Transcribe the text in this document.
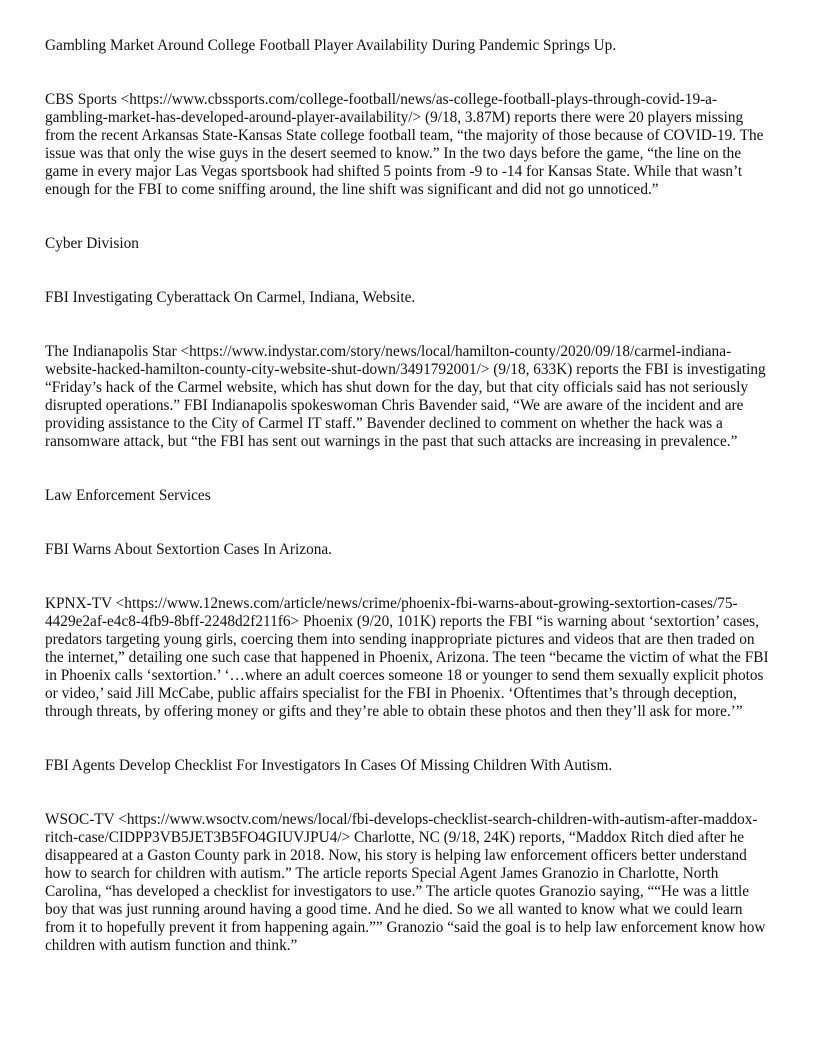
Gambling Market Around College Football Player Availability During Pandemic Springs Up.

CBS Sports <https://www.cbssports.com/college-football/news/as-college-football-plays-through-covid-19-a-gambling-market-has-developed-around-player-availability/> (9/18, 3.87M) reports there were 20 players missing from the recent Arkansas State-Kansas State college football team, “the majority of those because of COVID-19. The issue was that only the wise guys in the desert seemed to know.” In the two days before the game, “the line on the game in every major Las Vegas sportsbook had shifted 5 points from -9 to -14 for Kansas State. While that wasn’t enough for the FBI to come sniffing around, the line shift was significant and did not go unnoticed.”

Cyber Division

FBI Investigating Cyberattack On Carmel, Indiana, Website.

The Indianapolis Star <https://www.indystar.com/story/news/local/hamilton-county/2020/09/18/carmel-indiana-website-hacked-hamilton-county-city-website-shut-down/3491792001/> (9/18, 633K) reports the FBI is investigating “Friday’s hack of the Carmel website, which has shut down for the day, but that city officials said has not seriously disrupted operations.” FBI Indianapolis spokeswoman Chris Bavender said, “We are aware of the incident and are providing assistance to the City of Carmel IT staff.” Bavender declined to comment on whether the hack was a ransomware attack, but “the FBI has sent out warnings in the past that such attacks are increasing in prevalence.”

Law Enforcement Services

FBI Warns About Sextortion Cases In Arizona.

KPNX-TV <https://www.12news.com/article/news/crime/phoenix-fbi-warns-about-growing-sextortion-cases/75-4429e2af-e4c8-4fb9-8bff-2248d2f211f6> Phoenix (9/20, 101K) reports the FBI “is warning about ‘sextortion’ cases, predators targeting young girls, coercing them into sending inappropriate pictures and videos that are then traded on the internet,” detailing one such case that happened in Phoenix, Arizona. The teen “became the victim of what the FBI in Phoenix calls ‘sextortion.’ ‘…where an adult coerces someone 18 or younger to send them sexually explicit photos or video,’ said Jill McCabe, public affairs specialist for the FBI in Phoenix. ‘Oftentimes that’s through deception, through threats, by offering money or gifts and they’re able to obtain these photos and then they’ll ask for more.’”

FBI Agents Develop Checklist For Investigators In Cases Of Missing Children With Autism.

WSOC-TV <https://www.wsoctv.com/news/local/fbi-develops-checklist-search-children-with-autism-after-maddox-ritch-case/CIDPP3VB5JET3B5FO4GIUVJPU4/> Charlotte, NC (9/18, 24K) reports, “Maddox Ritch died after he disappeared at a Gaston County park in 2018. Now, his story is helping law enforcement officers better understand how to search for children with autism.” The article reports Special Agent James Granozio in Charlotte, North Carolina, “has developed a checklist for investigators to use.” The article quotes Granozio saying, ““He was a little boy that was just running around having a good time. And he died. So we all wanted to know what we could learn from it to hopefully prevent it from happening again.”” Granozio “said the goal is to help law enforcement know how children with autism function and think.”
